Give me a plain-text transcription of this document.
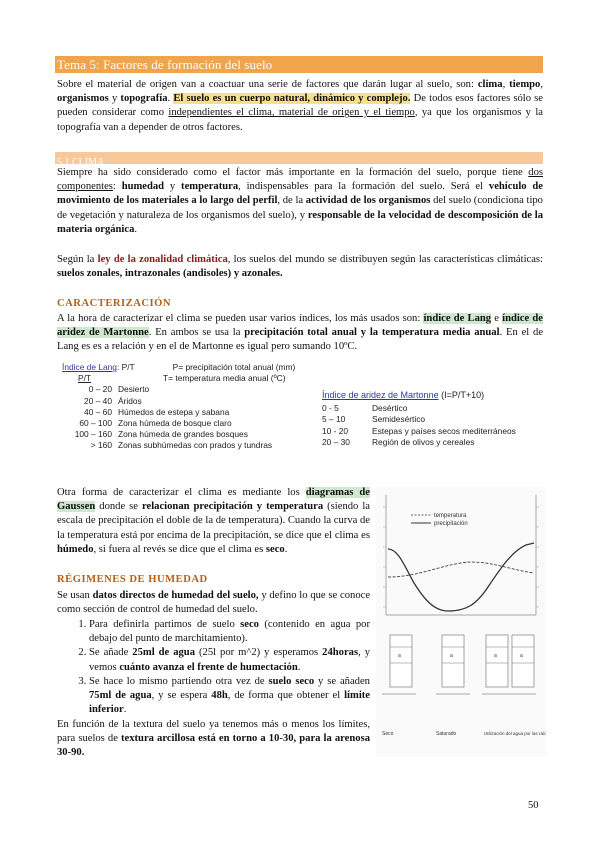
Tema 5: Factores de formación del suelo
Sobre el material de origen van a coactuar una serie de factores que darán lugar al suelo, son: clima, tiempo, organismos y topografía. El suelo es un cuerpo natural, dinámico y complejo. De todos esos factores sólo se pueden considerar como independientes el clima, material de origen y el tiempo, ya que los organismos y la topografía van a depender de otros factores.
5.1 CLIMA
Siempre ha sido considerado como el factor más importante en la formación del suelo, porque tiene dos componentes: humedad y temperatura, indispensables para la formación del suelo. Será el vehículo de movimiento de los materiales a lo largo del perfil, de la actividad de los organismos del suelo (condiciona tipo de vegetación y naturaleza de los organismos del suelo), y responsable de la velocidad de descomposición de la materia orgánica.
Según la ley de la zonalidad climática, los suelos del mundo se distribuyen según las características climáticas: suelos zonales, intrazonales (andisoles) y azonales.
CARACTERIZACIÓN
A la hora de caracterizar el clima se pueden usar varios índices, los más usados son: índice de Lang e índice de aridez de Martonne. En ambos se usa la precipitación total anual y la temperatura media anual. En el de Lang es es a relación y en el de Martonne es igual pero sumando 10ºC.
Índice de Lang: P/T	P= precipitación total anual (mm)
P/T	T= temperatura media anual (ºC)
0 – 20 Desierto
20 – 40 Áridos
40 – 60 Húmedos de estepa y sabana
60 – 100 Zona húmeda de bosque claro
100 – 160 Zona húmeda de grandes bosques
> 160 Zonas subhúmedas con prados y tundras
Índice de aridez de Martonne (I=P/T+10)
0 - 5	Desértico
5 – 10	Semidesértico
10 - 20	Estepas y países secos mediterráneos
20 – 30	Región de olivos y cereales
Otra forma de caracterizar el clima es mediante los diagramas de Gaussen donde se relacionan precipitación y temperatura (siendo la escala de precipitación el doble de la de temperatura). Cuando la curva de la temperatura está por encima de la precipitación, se dice que el clima es húmedo, si fuera al revés se dice que el clima es seco.
RÉGIMENES DE HUMEDAD
Se usan datos directos de humedad del suelo, y defino lo que se conoce como sección de control de humedad del suelo.
1. Para definirla partimos de suelo seco (contenido en agua por debajo del punto de marchitamiento).
2. Se añade 25ml de agua (25l por m^2) y esperamos 24horas, y vemos cuánto avanza el frente de humectación.
3. Se hace lo mismo partiendo otra vez de suelo seco y se añaden 75ml de agua, y se espera 48h, de forma que obtener el límite inferior.
En función de la textura del suelo ya tenemos más o menos los límites, para suelos de textura arcillosa está en torno a 10-30, para la arenosa 30-90.
temperatura
precipitación
a	a	a	a
Seco	Saturado	Utilización del agua por las raíces
50
